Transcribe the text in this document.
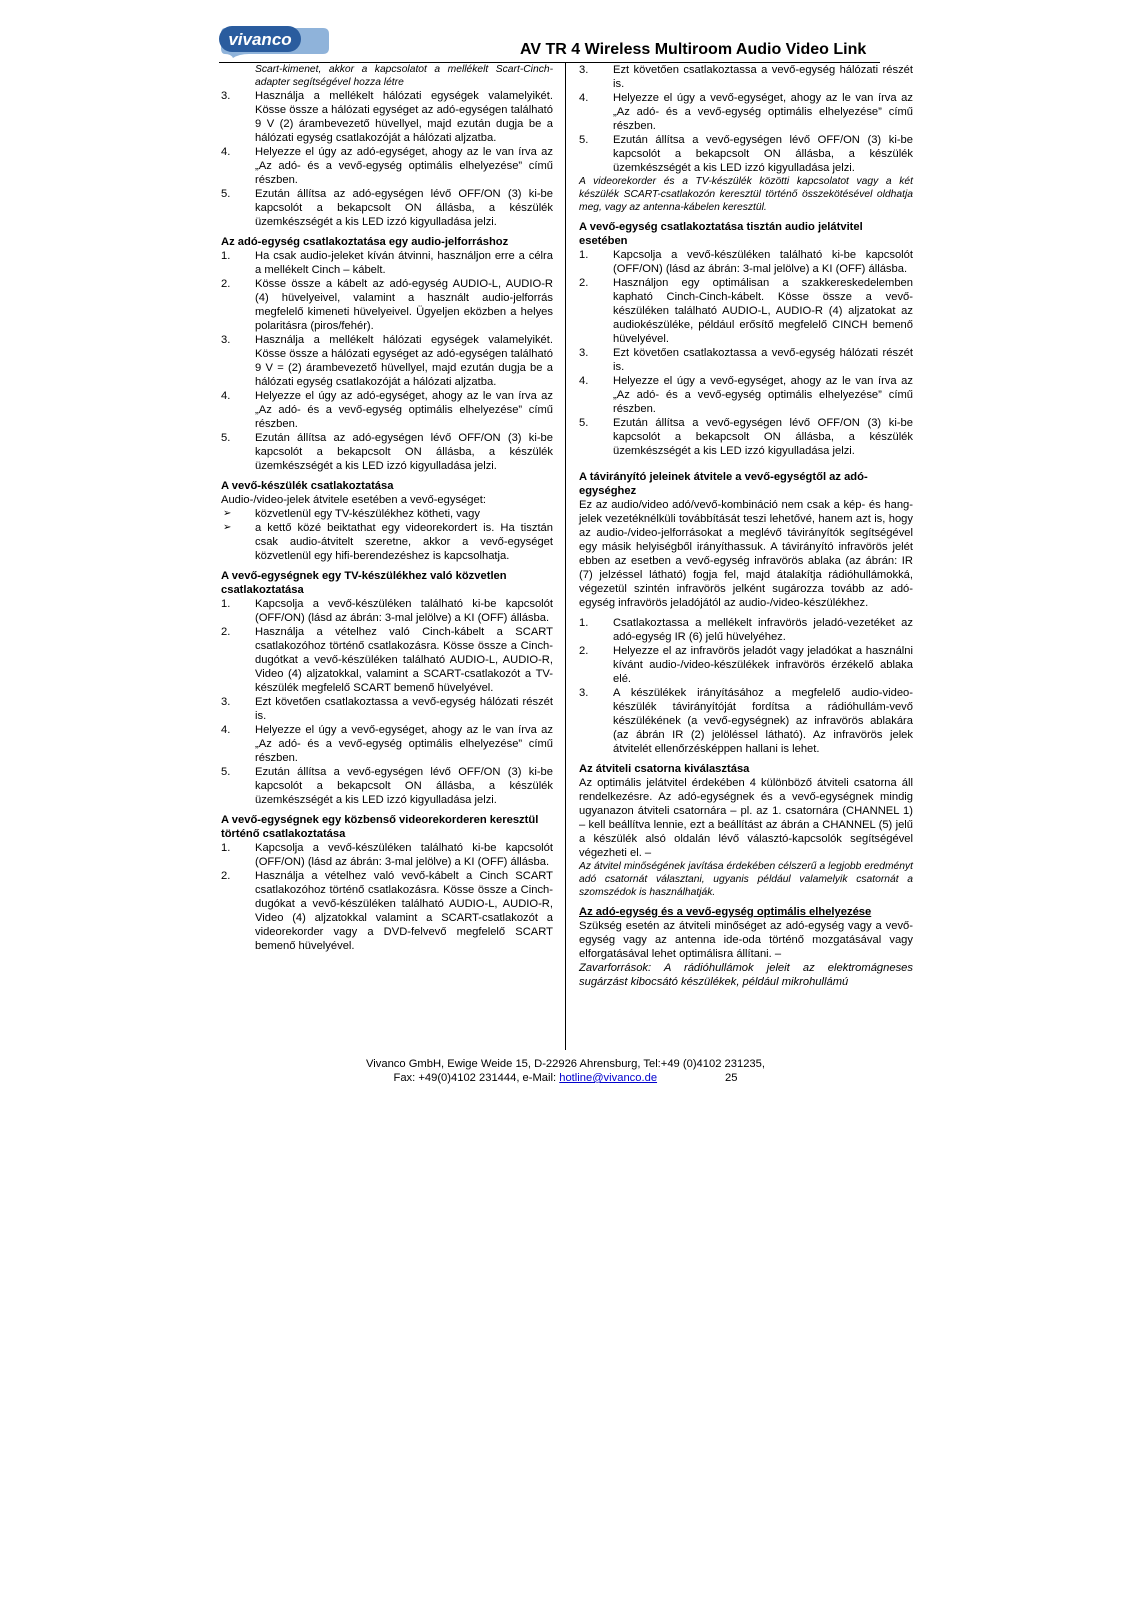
vivanco
AV TR 4 Wireless Multiroom Audio Video Link
Scart-kimenet, akkor a kapcsolatot a mellékelt Scart-Cinch-adapter segítségével hozza létre
3. Használja a mellékelt hálózati egységek valamelyikét. Kösse össze a hálózati egységet az adó-egységen található 9 V (2) árambevezető hüvellyel, majd ezután dugja be a hálózati egység csatlakozóját a hálózati aljzatba.
4. Helyezze el úgy az adó-egységet, ahogy az le van írva az „Az adó- és a vevő-egység optimális elhelyezése” című részben.
5. Ezután állítsa az adó-egységen lévő OFF/ON (3) ki-be kapcsolót a bekapcsolt ON állásba, a készülék üzemkészségét a kis LED izzó kigyulladása jelzi.
Az adó-egység csatlakoztatása egy audio-jelforráshoz
1. Ha csak audio-jeleket kíván átvinni, használjon erre a célra a mellékelt Cinch – kábelt.
2. Kösse össze a kábelt az adó-egység AUDIO-L, AUDIO-R (4) hüvelyeivel, valamint a használt audio-jelforrás megfelelő kimeneti hüvelyeivel. Ügyeljen eközben a helyes polaritásra (piros/fehér).
3. Használja a mellékelt hálózati egységek valamelyikét. Kösse össze a hálózati egységet az adó-egységen található 9 V = (2) árambevezető hüvellyel, majd ezután dugja be a hálózati egység csatlakozóját a hálózati aljzatba.
4. Helyezze el úgy az adó-egységet, ahogy az le van írva az „Az adó- és a vevő-egység optimális elhelyezése” című részben.
5. Ezután állítsa az adó-egységen lévő OFF/ON (3) ki-be kapcsolót a bekapcsolt ON állásba, a készülék üzemkészségét a kis LED izzó kigyulladása jelzi.
A vevő-készülék csatlakoztatása

Audio-/video-jelek átvitele esetében a vevő-egységet:

➢ közvetlenül egy TV-készülékhez kötheti, vagy
➢ a kettő közé beiktathat egy videorekordert is. Ha tisztán csak audio-átvitelt szeretne, akkor a vevő-egységet közvetlenül egy hifi-berendezéshez is kapcsolhatja.
A vevő-egységnek egy TV-készülékhez való közvetlen csatlakoztatása
1. Kapcsolja a vevő-készüléken található ki-be kapcsolót (OFF/ON) (lásd az ábrán: 3-mal jelölve) a KI (OFF) állásba.
2. Használja a vételhez való Cinch-kábelt a SCART csatlakozóhoz történő csatlakozásra. Kösse össze a Cinch-dugótkat a vevő-készüléken található AUDIO-L, AUDIO-R, Video (4) aljzatokkal, valamint a SCART-csatlakozót a TV-készülék megfelelő SCART bemenő hüvelyével.
3. Ezt követően csatlakoztassa a vevő-egység hálózati részét is.
4. Helyezze el úgy a vevő-egységet, ahogy az le van írva az „Az adó- és a vevő-egység optimális elhelyezése” című részben.
5. Ezután állítsa a vevő-egységen lévő OFF/ON (3) ki-be kapcsolót a bekapcsolt ON állásba, a készülék üzemkészségét a kis LED izzó kigyulladása jelzi.
A vevő-egységnek egy közbenső videorekorderen keresztül történő csatlakoztatása
1. Kapcsolja a vevő-készüléken található ki-be kapcsolót (OFF/ON) (lásd az ábrán: 3-mal jelölve) a KI (OFF) állásba.
2. Használja a vételhez való vevő-kábelt a Cinch SCART csatlakozóhoz történő csatlakozásra. Kösse össze a Cinch-dugókat a vevő-készüléken található AUDIO-L, AUDIO-R, Video (4) aljzatokkal valamint a SCART-csatlakozót a videorekorder vagy a DVD-felvevő megfelelő SCART bemenő hüvelyével.
3. Ezt követően csatlakoztassa a vevő-egység hálózati részét is.
4. Helyezze el úgy a vevő-egységet, ahogy az le van írva az „Az adó- és a vevő-egység optimális elhelyezése” című részben.
5. Ezután állítsa a vevő-egységen lévő OFF/ON (3) ki-be kapcsolót a bekapcsolt ON állásba, a készülék üzemkészségét a kis LED izzó kigyulladása jelzi.

A videorekorder és a TV-készülék közötti kapcsolatot vagy a két készülék SCART-csatlakozón keresztül történő összekötésével oldhatja meg, vagy az antenna-kábelen keresztül.

A vevő-egység csatlakoztatása tisztán audio jelátvitel esetében
1. Kapcsolja a vevő-készüléken található ki-be kapcsolót (OFF/ON) (lásd az ábrán: 3-mal jelölve) a KI (OFF) állásba.
2. Használjon egy optimálisan a szakkereskedelemben kapható Cinch-Cinch-kábelt. Kösse össze a vevő-készüléken található AUDIO-L, AUDIO-R (4) aljzatokat az audiokészüléke, például erősítő megfelelő CINCH bemenő hüvelyével.
3. Ezt követően csatlakoztassa a vevő-egység hálózati részét is.
4. Helyezze el úgy a vevő-egységet, ahogy az le van írva az „Az adó- és a vevő-egység optimális elhelyezése” című részben.
5. Ezután állítsa a vevő-egységen lévő OFF/ON (3) ki-be kapcsolót a bekapcsolt ON állásba, a készülék üzemkészségét a kis LED izzó kigyulladása jelzi.
A távirányító jeleinek átvitele a vevő-egységtől az adó-egységhez

Ez az audio/video adó/vevő-kombináció nem csak a kép- és hang-jelek vezetéknélküli továbbítását teszi lehetővé, hanem azt is, hogy az audio-/video-jelforrásokat a meglévő távirányítók segítségével egy másik helyiségből irányíthassuk. A távirányító infravörös jelét ebben az esetben a vevő-egység infravörös ablaka (az ábrán: IR (7) jelzéssel látható) fogja fel, majd átalakítja rádióhullámokká, végezetül szintén infravörös jelként sugározza tovább az adó-egység infravörös jeladójától az audio-/video-készülékhez.

1. Csatlakoztassa a mellékelt infravörös jeladó-vezetéket az adó-egység IR (6) jelű hüvelyéhez.
2. Helyezze el az infravörös jeladót vagy jeladókat a használni kívánt audio-/video-készülékek infravörös érzékelő ablaka elé.
3. A készülékek irányításához a megfelelő audio-video-készülék távirányítóját fordítsa a rádióhullám-vevő készülékének (a vevő-egységnek) az infravörös ablakára (az ábrán IR (2) jelöléssel látható). Az infravörös jelek átvitelét ellenőrzésképpen hallani is lehet.
Az átviteli csatorna kiválasztása

Az optimális jelátvitel érdekében 4 különböző átviteli csatorna áll rendelkezésre. Az adó-egységnek és a vevő-egységnek mindig ugyanazon átviteli csatornára – pl. az 1. csatornára (CHANNEL 1) – kell beállítva lennie, ezt a beállítást az ábrán a CHANNEL (5) jelű a készülék alsó oldalán lévő választó-kapcsolók segítségével végezheti el. –

Az átvitel minőségének javítása érdekében célszerű a legjobb eredményt adó csatornát választani, ugyanis például valamelyik csatornát a szomszédok is használhatják.

Az adó-egység és a vevő-egység optimális elhelyezése

Szükség esetén az átviteli minőséget az adó-egység vagy a vevő-egység vagy az antenna ide-oda történő mozgatásával vagy elforgatásával lehet optimálisra állítani. –

Zavarforrások: A rádióhullámok jeleit az elektromágneses sugárzást kibocsátó készülékek, például mikrohullámú

Vivanco GmbH, Ewige Weide 15, D-22926 Ahrensburg, Tel:+49 (0)4102 231235,
Fax: +49(0)4102 231444, e-Mail: hotline@vivanco.de	25
